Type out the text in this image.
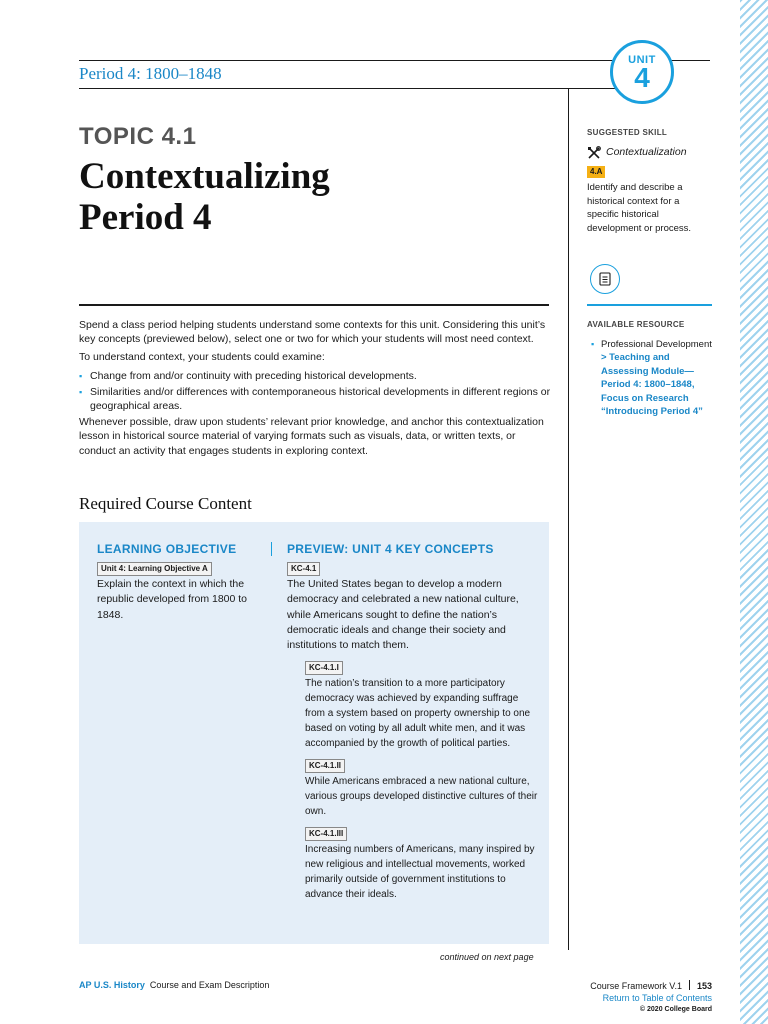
Period 4: 1800–1848
UNIT
4
TOPIC 4.1
Contextualizing
Period 4
SUGGESTED SKILL
Contextualization
4.A
Identify and describe a historical context for a specific historical development or process.
AVAILABLE RESOURCE
▪ Professional Development
> Teaching and Assessing Module—Period 4: 1800–1848, Focus on Research “Introducing Period 4”

Spend a class period helping students understand some contexts for this unit. Considering this unit’s key concepts (previewed below), select one or two for which your students will most need context.

To understand context, your students could examine:

▪ Change from and/or continuity with preceding historical developments.
▪ Similarities and/or differences with contemporaneous historical developments in different regions or geographical areas.

Whenever possible, draw upon students’ relevant prior knowledge, and anchor this contextualization lesson in historical source material of varying formats such as visuals, data, or written texts, or conduct an activity that engages students in exploring context.

Required Course Content
LEARNING OBJECTIVE
Unit 4: Learning Objective A
Explain the context in which the republic developed from 1800 to 1848.
PREVIEW: UNIT 4 KEY CONCEPTS
KC-4.1
The United States began to develop a modern democracy and celebrated a new national culture, while Americans sought to define the nation’s democratic ideals and change their society and institutions to match them.
KC-4.1.I
The nation’s transition to a more participatory democracy was achieved by expanding suffrage from a system based on property ownership to one based on voting by all adult white men, and it was accompanied by the growth of political parties.
KC-4.1.II
While Americans embraced a new national culture, various groups developed distinctive cultures of their own.
KC-4.1.III
Increasing numbers of Americans, many inspired by new religious and intellectual movements, worked primarily outside of government institutions to advance their ideals.
continued on next page
AP U.S. History Course and Exam Description	Course Framework V.1 153
Return to Table of Contents
© 2020 College Board
